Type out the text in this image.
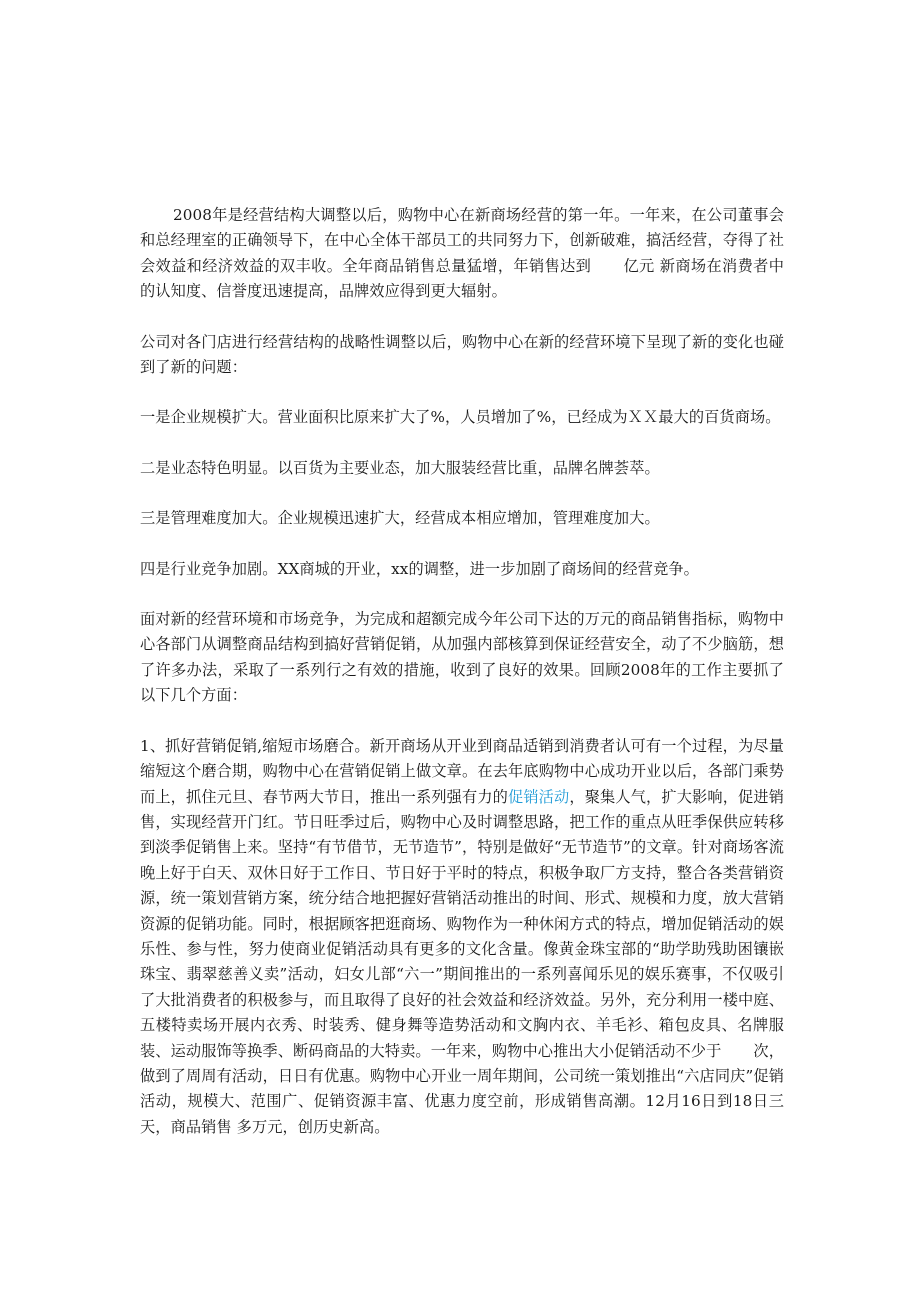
2008年是经营结构大调整以后，购物中心在新商场经营的第一年。一年来，在公司董事会和总经理室的正确领导下，在中心全体干部员工的共同努力下，创新破难，搞活经营，夺得了社会效益和经济效益的双丰收。全年商品销售总量猛增，年销售达到 亿元 新商场在消费者中的认知度、信誉度迅速提高，品牌效应得到更大辐射。

公司对各门店进行经营结构的战略性调整以后，购物中心在新的经营环境下呈现了新的变化也碰到了新的问题：

一是企业规模扩大。营业面积比原来扩大了%，人员增加了%，已经成为ＸＸ最大的百货商场。

二是业态特色明显。以百货为主要业态，加大服装经营比重，品牌名牌荟萃。

三是管理难度加大。企业规模迅速扩大，经营成本相应增加，管理难度加大。

四是行业竞争加剧。XX商城的开业，xx的调整，进一步加剧了商场间的经营竞争。

面对新的经营环境和市场竞争，为完成和超额完成今年公司下达的万元的商品销售指标，购物中心各部门从调整商品结构到搞好营销促销，从加强内部核算到保证经营安全，动了不少脑筋，想了许多办法，采取了一系列行之有效的措施，收到了良好的效果。回顾2008年的工作主要抓了以下几个方面：

1、抓好营销促销,缩短市场磨合。新开商场从开业到商品适销到消费者认可有一个过程，为尽量缩短这个磨合期，购物中心在营销促销上做文章。在去年底购物中心成功开业以后，各部门乘势而上，抓住元旦、春节两大节日，推出一系列强有力的促销活动，聚集人气，扩大影响，促进销售，实现经营开门红。节日旺季过后，购物中心及时调整思路，把工作的重点从旺季保供应转移到淡季促销售上来。坚持“有节借节，无节造节”，特别是做好“无节造节”的文章。针对商场客流晚上好于白天、双休日好于工作日、节日好于平时的特点，积极争取厂方支持，整合各类营销资源，统一策划营销方案，统分结合地把握好营销活动推出的时间、形式、规模和力度，放大营销资源的促销功能。同时，根据顾客把逛商场、购物作为一种休闲方式的特点，增加促销活动的娱乐性、参与性，努力使商业促销活动具有更多的文化含量。像黄金珠宝部的“助学助残助困镶嵌珠宝、翡翠慈善义卖”活动，妇女儿部“六一”期间推出的一系列喜闻乐见的娱乐赛事，不仅吸引了大批消费者的积极参与，而且取得了良好的社会效益和经济效益。另外，充分利用一楼中庭、五楼特卖场开展内衣秀、时装秀、健身舞等造势活动和文胸内衣、羊毛衫、箱包皮具、名牌服装、运动服饰等换季、断码商品的大特卖。一年来，购物中心推出大小促销活动不少于 次，做到了周周有活动，日日有优惠。购物中心开业一周年期间，公司统一策划推出“六店同庆”促销活动，规模大、范围广、促销资源丰富、优惠力度空前，形成销售高潮。12月16日到18日三天，商品销售 多万元，创历史新高。
